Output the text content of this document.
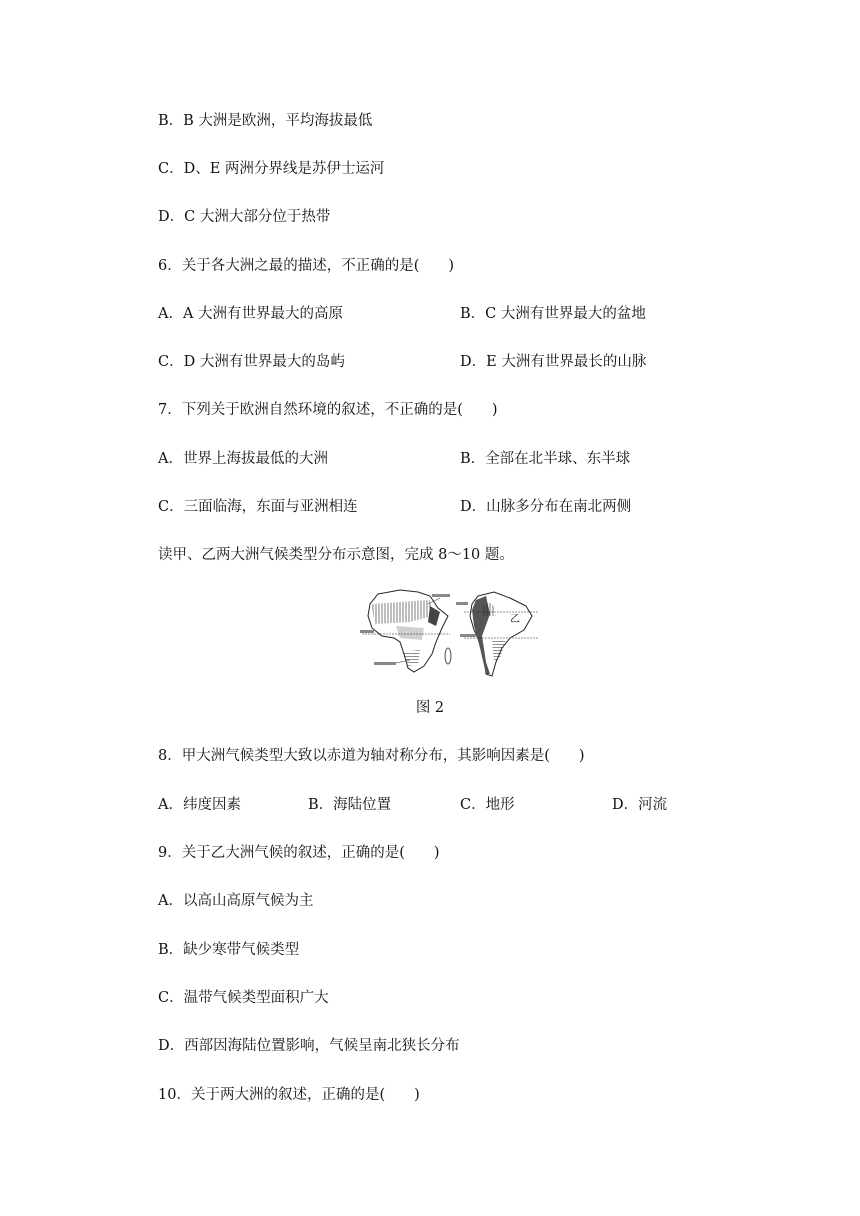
B．B 大洲是欧洲，平均海拔最低
C．D、E 两洲分界线是苏伊士运河
D．C 大洲大部分位于热带
6．关于各大洲之最的描述，不正确的是(　　)
A．A 大洲有世界最大的高原	B．C 大洲有世界最大的盆地
C．D 大洲有世界最大的岛屿	D．E 大洲有世界最长的山脉
7．下列关于欧洲自然环境的叙述，不正确的是(　　)
A．世界上海拔最低的大洲	B．全部在北半球、东半球
C．三面临海，东面与亚洲相连	D．山脉多分布在南北两侧
读甲、乙两大洲气候类型分布示意图，完成 8～10 题。
乙
图 2
8．甲大洲气候类型大致以赤道为轴对称分布，其影响因素是(　　)
A．纬度因素	B．海陆位置	C．地形	D．河流
9．关于乙大洲气候的叙述，正确的是(　　)
A．以高山高原气候为主
B．缺少寒带气候类型
C．温带气候类型面积广大
D．西部因海陆位置影响，气候呈南北狭长分布
10．关于两大洲的叙述，正确的是(　　)
